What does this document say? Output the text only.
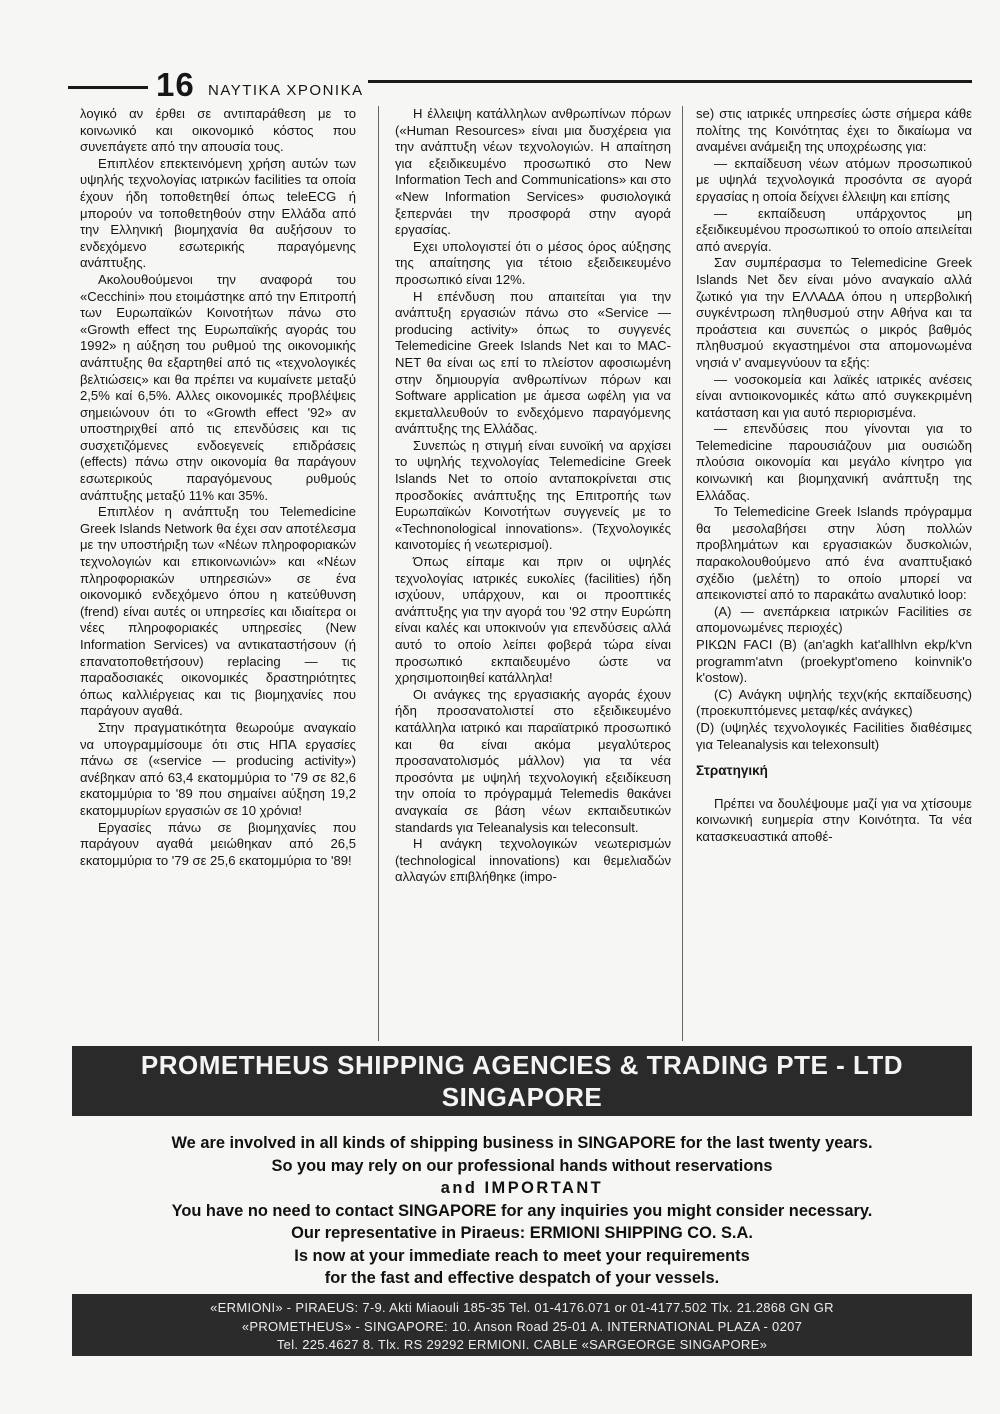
16 ΝΑΥΤΙΚΑ ΧΡΟΝΙΚΑ

λογικό αν έρθει σε αντιπαράθεση με το κοινωνικό και οικονομικό κόστος που συνεπάγετε από την απουσία τους.

Επιπλέον επεκτεινόμενη χρήση αυτών των υψηλής τεχνολογίας ιατρικών facilities τα οποία έχουν ήδη τοποθετηθεί όπως teleECG ή μπορούν να τοποθετηθούν στην Ελλάδα από την Ελληνική βιομηχανία θα αυξήσουν το ενδεχόμενο εσωτερικής παραγόμενης ανάπτυξης.

Ακολουθούμενοι την αναφορά του «Cecchini» που ετοιμάστηκε από την Επιτροπή των Ευρωπαϊκών Κοινοτήτων πάνω στο «Growth effect της Ευρωπαϊκής αγοράς του 1992» η αύξηση του ρυθμού της οικονομικής ανάπτυξης θα εξαρτηθεί από τις «τεχνολογικές βελτιώσεις» και θα πρέπει να κυμαίνετε μεταξύ 2,5% καί 6,5%. Αλλες οικονομικές προβλέψεις σημειώνουν ότι το «Growth effect '92» αν υποστηριχθεί από τις επενδύσεις και τις συσχετιζόμενες ενδοεγενείς επιδράσεις (effects) πάνω στην οικονομία θα παράγουν εσωτερικούς παραγόμενους ρυθμούς ανάπτυξης μεταξύ 11% και 35%.

Επιπλέον η ανάπτυξη του Telemedicine Greek Islands Network θα έχει σαν αποτέλεσμα με την υποστήριξη των «Νέων πληροφοριακών τεχνολογιών και επικοινωνιών» και «Νέων πληροφοριακών υπηρεσιών» σε ένα οικονομικό ενδεχόμενο όπου η κατεύθυνση (frend) είναι αυτές οι υπηρεσίες και ιδιαίτερα οι νέες πληροφοριακές υπηρεσίες (New Information Services) να αντικαταστήσουν (ή επανατοποθετήσουν) replacing — τις παραδοσιακές οικονομικές δραστηριότητες όπως καλλιέργειας και τις βιομηχανίες που παράγουν αγαθά.

Στην πραγματικότητα θεωρούμε αναγκαίο να υπογραμμίσουμε ότι στις ΗΠΑ εργασίες πάνω σε («service — producing activity») ανέβηκαν από 63,4 εκατομμύρια το '79 σε 82,6 εκατομμύρια το '89 που σημαίνει αύξηση 19,2 εκατομμυρίων εργασιών σε 10 χρόνια!

Εργασίες πάνω σε βιομηχανίες που παράγουν αγαθά μειώθηκαν από 26,5 εκατομμύρια το '79 σε 25,6 εκατομμύρια το '89!

Η έλλειψη κατάλληλων ανθρωπίνων πόρων («Human Resources» είναι μια δυσχέρεια για την ανάπτυξη νέων τεχνολογιών. Η απαίτηση για εξειδικευμένο προσωπικό στο New Information Tech and Communications» και στο «New Information Services» φυσιολογικά ξεπερνάει την προσφορά στην αγορά εργασίας.

Εχει υπολογιστεί ότι ο μέσος όρος αύξησης της απαίτησης για τέτοιο εξειδεικευμένο προσωπικό είναι 12%.

Η επένδυση που απαιτείται για την ανάπτυξη εργασιών πάνω στο «Service — producing activity» όπως το συγγενές Telemedicine Greek Islands Net και το MAC-NET θα είναι ως επί το πλείστον αφοσιωμένη στην δημιουργία ανθρωπίνων πόρων και Software application με άμεσα ωφέλη για να εκμεταλλευθούν το ενδεχόμενο παραγόμενης ανάπτυξης της Ελλάδας.

Συνεπώς η στιγμή είναι ευνοϊκή να αρχίσει το υψηλής τεχνολογίας Telemedicine Greek Islands Net το οποίο ανταποκρίνεται στις προσδοκίες ανάπτυξης της Επιτροπής των Ευρωπαϊκών Κοινοτήτων συγγενείς με το «Technonological innovations». (Τεχνολογικές καινοτομίες ή νεωτερισμοί).

Όπως είπαμε και πριν οι υψηλές τεχνολογίας ιατρικές ευκολίες (facilities) ήδη ισχύουν, υπάρχουν, και οι προοπτικές ανάπτυξης για την αγορά του '92 στην Ευρώπη είναι καλές και υποκινούν για επενδύσεις αλλά αυτό το οποίο λείπει φοβερά τώρα είναι προσωπικό εκπαιδευμένο ώστε να χρησιμοποιηθεί κατάλληλα!

Οι ανάγκες της εργασιακής αγοράς έχουν ήδη προσανατολιστεί στο εξειδικευμένο κατάλληλα ιατρικό και παραϊατρικό προσωπικό και θα είναι ακόμα μεγαλύτερος προσανατολισμός μάλλον) για τα νέα προσόντα με υψηλή τεχνολογική εξειδίκευση την οποία το πρόγραμμά Telemedis θακάνει αναγκαία σε βάση νέων εκπαιδευτικών standards για Teleanalysis και teleconsult.

Η ανάγκη τεχνολογικών νεωτερισμών (technological innovations) και θεμελιαδών αλλαγών επιβλήθηκε (impo-

se) στις ιατρικές υπηρεσίες ώστε σήμερα κάθε πολίτης της Κοινότητας έχει το δικαίωμα να αναμένει ανάμειξη της υποχρέωσης για:

— εκπαίδευση νέων ατόμων προσωπικού με υψηλά τεχνολογικά προσόντα σε αγορά εργασίας η οποία δείχνει έλλειψη και επίσης

— εκπαίδευση υπάρχοντος μη εξειδικευμένου προσωπικού το οποίο απειλείται από ανεργία.

Σαν συμπέρασμα το Telemedicine Greek Islands Net δεν είναι μόνο αναγκαίο αλλά ζωτικό για την ΕΛΛΑΔΑ όπου η υπερβολική συγκέντρωση πληθυσμού στην Αθήνα και τα προάστεια και συνεπώς ο μικρός βαθμός πληθυσμού εκγαστημένοι στα απομονωμένα νησιά ν' αναμεγνύουν τα εξής:

— νοσοκομεία και λαϊκές ιατρικές ανέσεις είναι αντιοικονομικές κάτω από συγκεκριμένη κατάσταση και για αυτό περιορισμένα.

— επενδύσεις που γίνονται για το Telemedicine παρουσιάζουν μια ουσιώδη πλούσια οικονομία και μεγάλο κίνητρο για κοινωνική και βιομηχανική ανάπτυξη της Ελλάδας.

Το Telemedicine Greek Islands πρόγραμμα θα μεσολαβήσει στην λύση πολλών προβλημάτων και εργασιακών δυσκολιών, παρακολουθούμενο από ένα αναπτυξιακό σχέδιο (μελέτη) το οποίο μπορεί να απεικονιστεί από το παρακάτω αναλυτικό loop:

(Α) — ανεπάρκεια ιατρικών Facilities σε απομονωμένες περιοχές)

ΡΙΚΩΝ FACI (B) (an'agkh kat'allhlvn ekp/k'vn programm'atvn (proekypt'omeno koinvnik'o k'ostow).

(C) Ανάγκη υψηλής τεχν(κής εκπαίδευσης) (προεκυπτόμενες μεταφ/κές ανάγκες)

(D) (υψηλές τεχνολογικές Facilities διαθέσιμες για Teleanalysis και telexonsult)

Στρατηγική

Πρέπει να δουλέψουμε μαζί για να χτίσουμε κοινωνική ευημερία στην Κοινότητα. Τα νέα κατασκευαστικά αποθέ-

PROMETHEUS SHIPPING AGENCIES & TRADING PTE - LTD
SINGAPORE
We are involved in all kinds of shipping business in SINGAPORE for the last twenty years.
So you may rely on our professional hands without reservations
and IMPORTANT
You have no need to contact SINGAPORE for any inquiries you might consider necessary.
Our representative in Piraeus: ERMIONI SHIPPING CO. S.A.
Is now at your immediate reach to meet your requirements
for the fast and effective despatch of your vessels.
«ERMIONI» - PIRAEUS: 7-9. Akti Miaouli 185-35 Tel. 01-4176.071 or 01-4177.502 Tlx. 21.2868 GN GR
«PROMETHEUS» - SINGAPORE: 10. Anson Road 25-01 A. INTERNATIONAL PLAZA - 0207
Tel. 225.4627 8. Tlx. RS 29292 ERMIONI. CABLE «SARGEORGE SINGAPORE»
